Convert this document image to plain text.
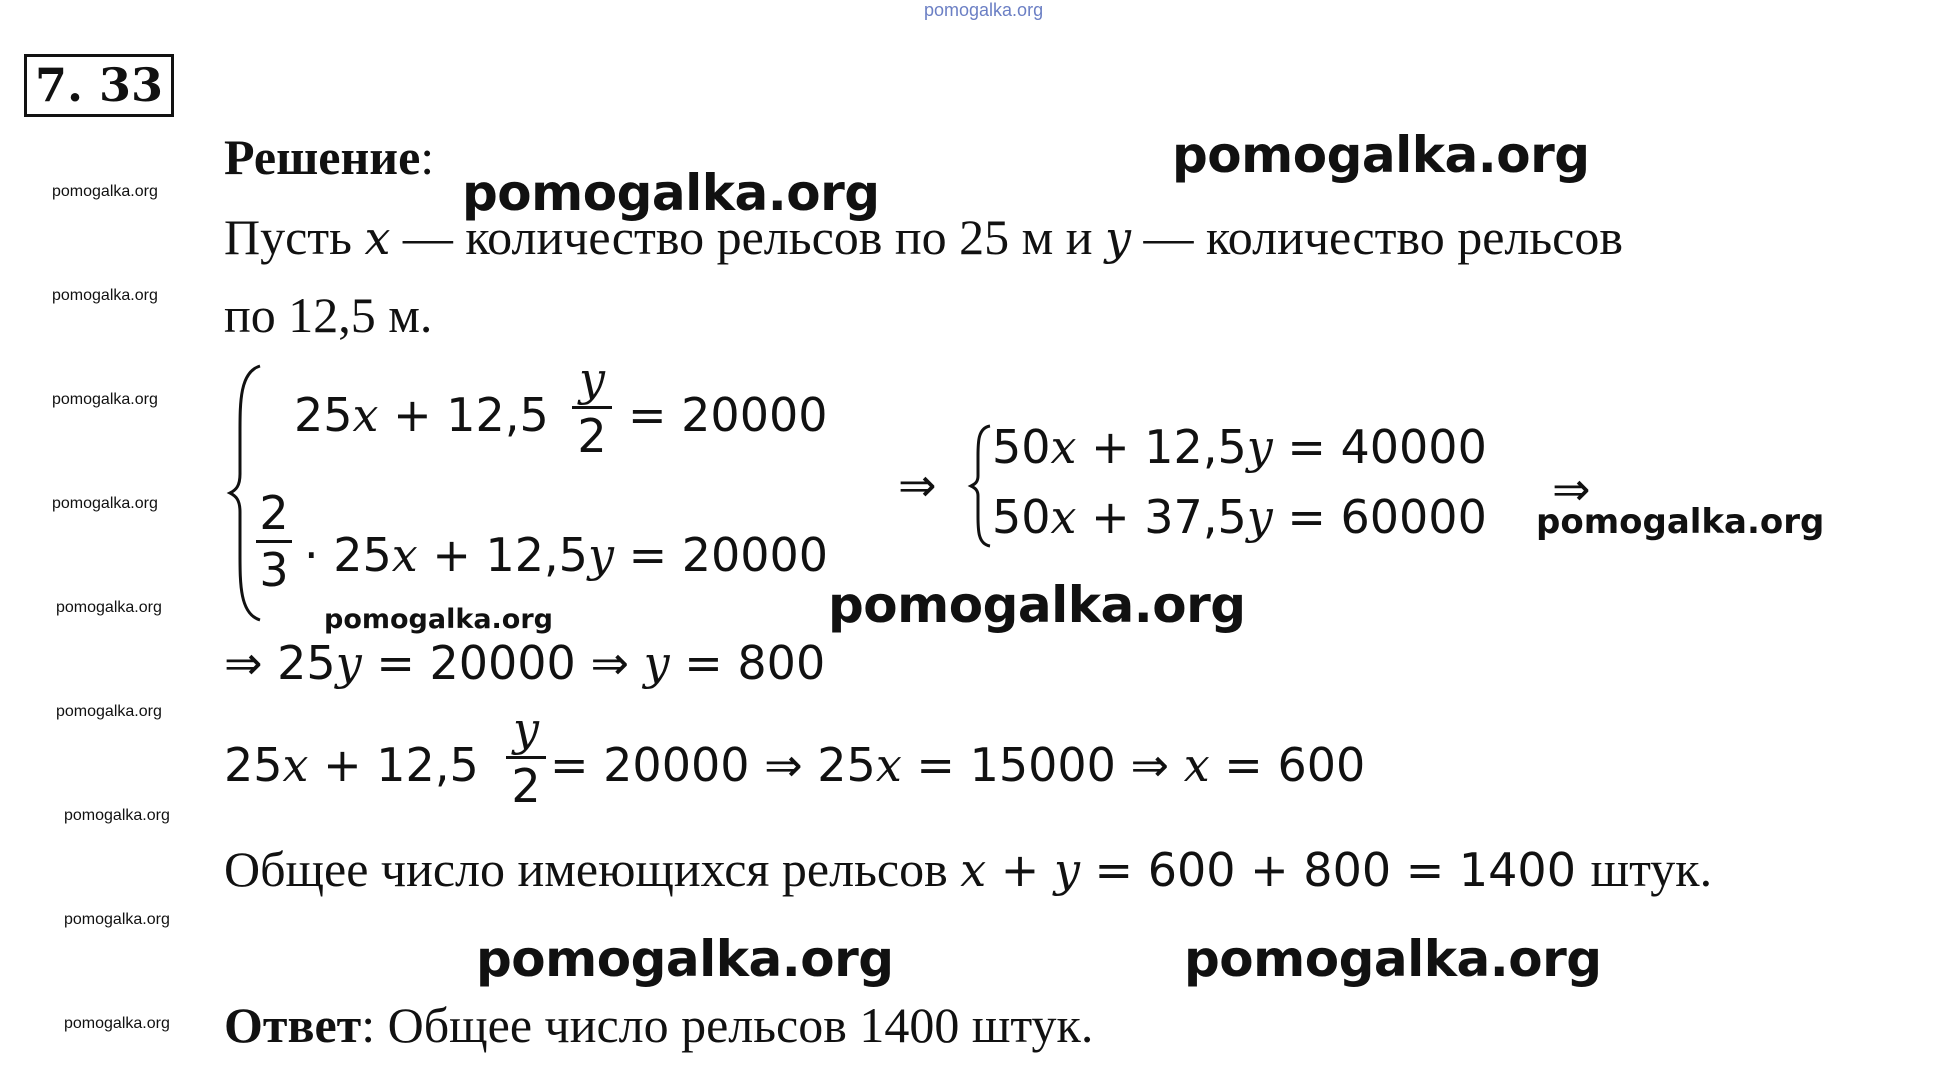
pomogalka.org
7. 33
pomogalka.org
pomogalka.org
pomogalka.org
pomogalka.org
pomogalka.org
pomogalka.org
pomogalka.org
pomogalka.org
pomogalka.org
pomogalka.org
pomogalka.org
pomogalka.org
pomogalka.org	pomogalka.org
pomogalka.org
pomogalka.org
Решение:
Пусть x — количество рельсов по 25 м и y — количество рельсов
по 12,5 м.
25x + 12,5
y
2 = 20000
2
3 · 25x + 12,5y = 20000
⇒
50x + 12,5y = 40000
50x + 37,5y = 60000
⇒
⇒ 25y = 20000 ⇒ y = 800
25x + 12,5
y
2 = 20000 ⇒ 25x = 15000 ⇒ x = 600
Общее число имеющихся рельсов x + y = 600 + 800 = 1400 штук.
Ответ: Общее число рельсов 1400 штук.
